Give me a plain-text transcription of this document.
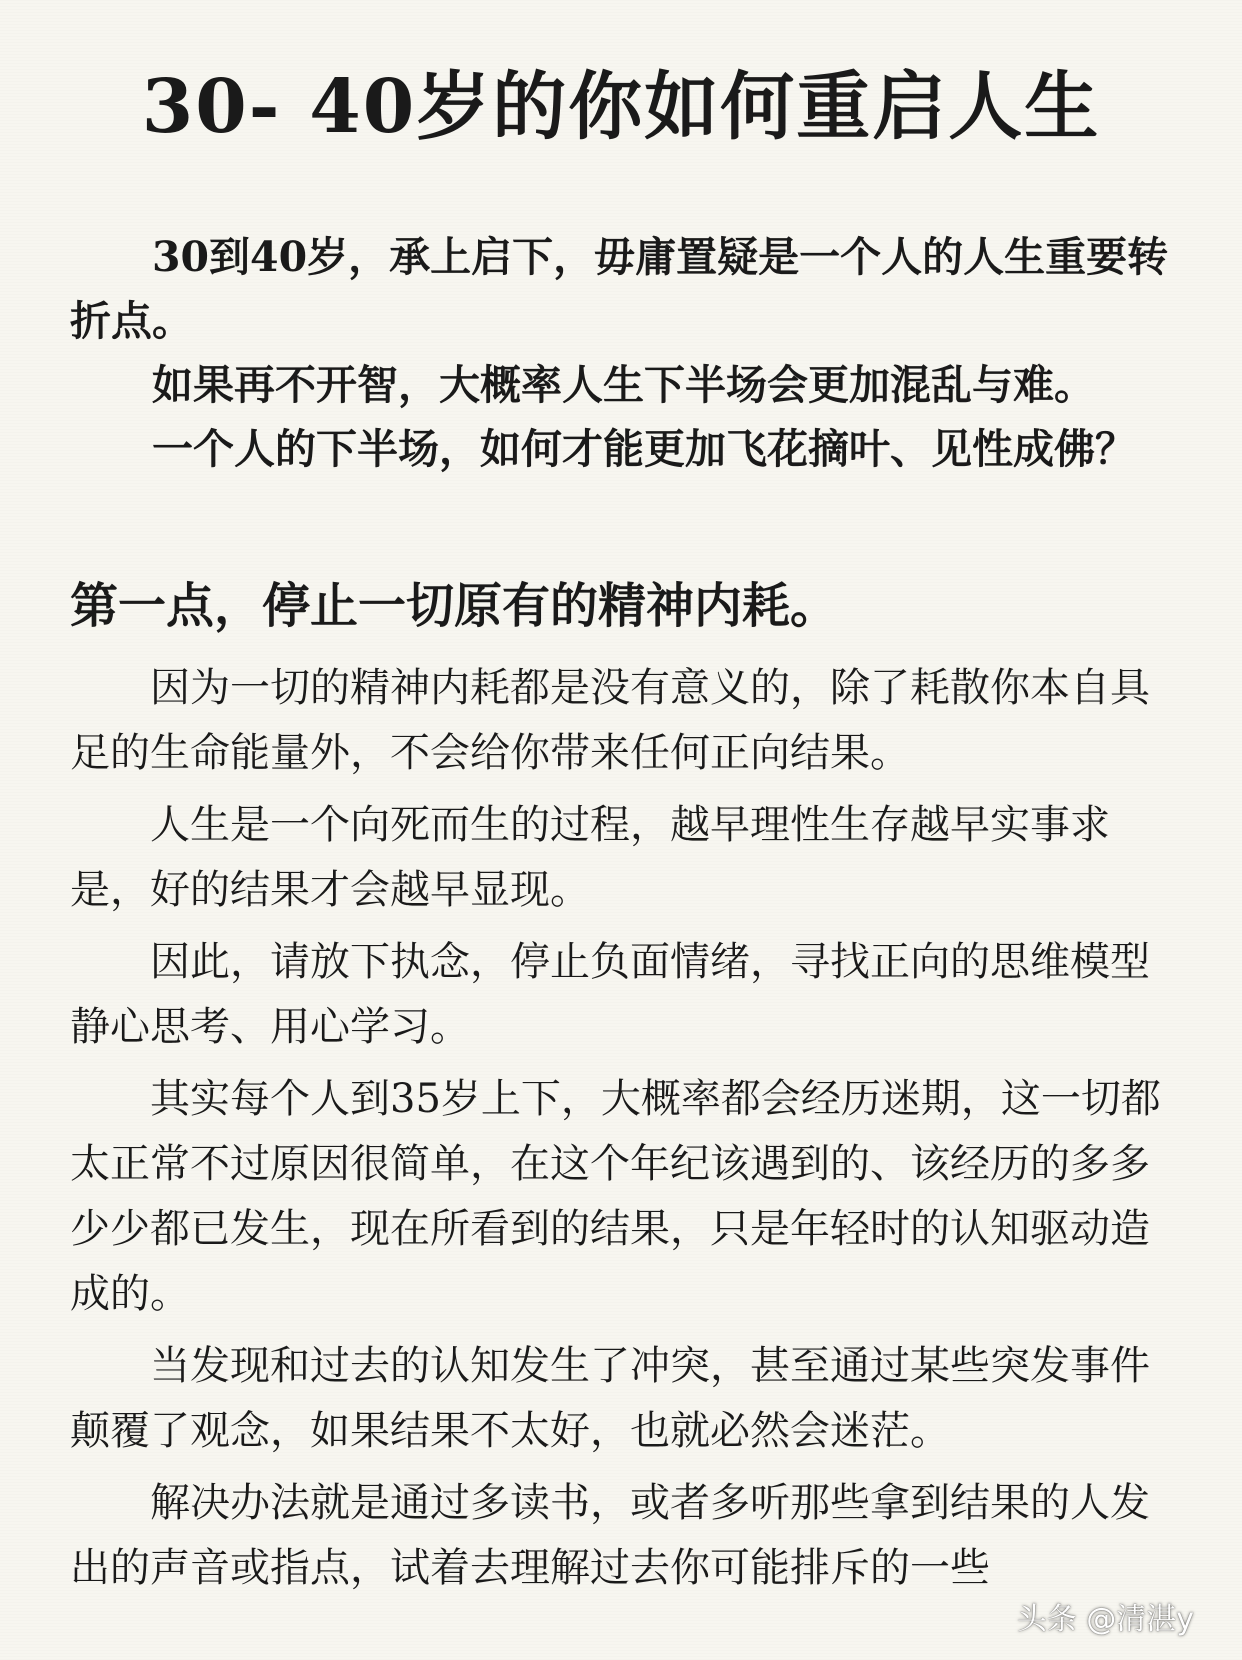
30- 40岁的你如何重启人生

30到40岁，承上启下，毋庸置疑是一个人的人生重要转折点。

如果再不开智，大概率人生下半场会更加混乱与难。

一个人的下半场，如何才能更加飞花摘叶、见性成佛？

第一点，停止一切原有的精神内耗。

因为一切的精神内耗都是没有意义的，除了耗散你本自具足的生命能量外，不会给你带来任何正向结果。

人生是一个向死而生的过程，越早理性生存越早实事求是，好的结果才会越早显现。

因此，请放下执念，停止负面情绪，寻找正向的思维模型静心思考、用心学习。

其实每个人到35岁上下，大概率都会经历迷期，这一切都太正常不过原因很简单，在这个年纪该遇到的、该经历的多多少少都已发生，现在所看到的结果，只是年轻时的认知驱动造成的。

当发现和过去的认知发生了冲突，甚至通过某些突发事件颠覆了观念，如果结果不太好，也就必然会迷茫。

解决办法就是通过多读书，或者多听那些拿到结果的人发出的声音或指点，试着去理解过去你可能排斥的一些

头条 @清湛y
